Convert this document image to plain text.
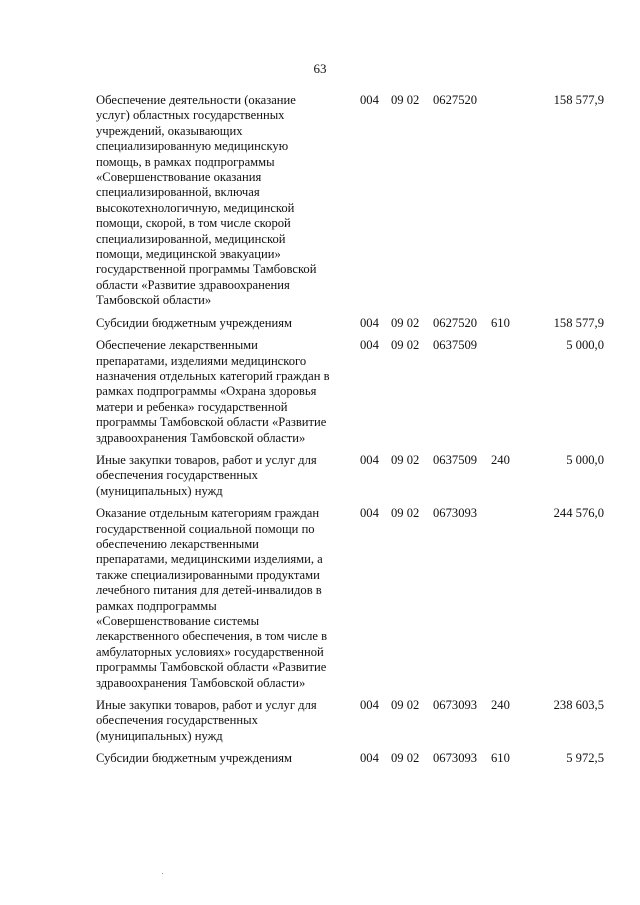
63
Обеспечение деятельности (оказание
услуг) областных государственных
учреждений, оказывающих
специализированную медицинскую
помощь, в рамках подпрограммы
«Совершенствование оказания
специализированной, включая
высокотехнологичную, медицинской
помощи, скорой, в том числе скорой
специализированной, медицинской
помощи, медицинской эвакуации»
государственной программы Тамбовской
области «Развитие здравоохранения
Тамбовской области»
004 09 02 0627520	158 577,9
Субсидии бюджетным учреждениям	004 09 02 0627520 610	158 577,9
Обеспечение лекарственными
препаратами, изделиями медицинского
назначения отдельных категорий граждан в
рамках подпрограммы «Охрана здоровья
матери и ребенка» государственной
программы Тамбовской области «Развитие
здравоохранения Тамбовской области»
004 09 02 0637509	5 000,0
Иные закупки товаров, работ и услуг для
обеспечения государственных
(муниципальных) нужд
004 09 02 0637509 240	5 000,0
Оказание отдельным категориям граждан
государственной социальной помощи по
обеспечению лекарственными
препаратами, медицинскими изделиями, а
также специализированными продуктами
лечебного питания для детей-инвалидов в
рамках подпрограммы
«Совершенствование системы
лекарственного обеспечения, в том числе в
амбулаторных условиях» государственной
программы Тамбовской области «Развитие
здравоохранения Тамбовской области»
004 09 02 0673093	244 576,0
Иные закупки товаров, работ и услуг для
обеспечения государственных
(муниципальных) нужд
004 09 02 0673093 240	238 603,5
Субсидии бюджетным учреждениям	004 09 02 0673093 610	5 972,5
